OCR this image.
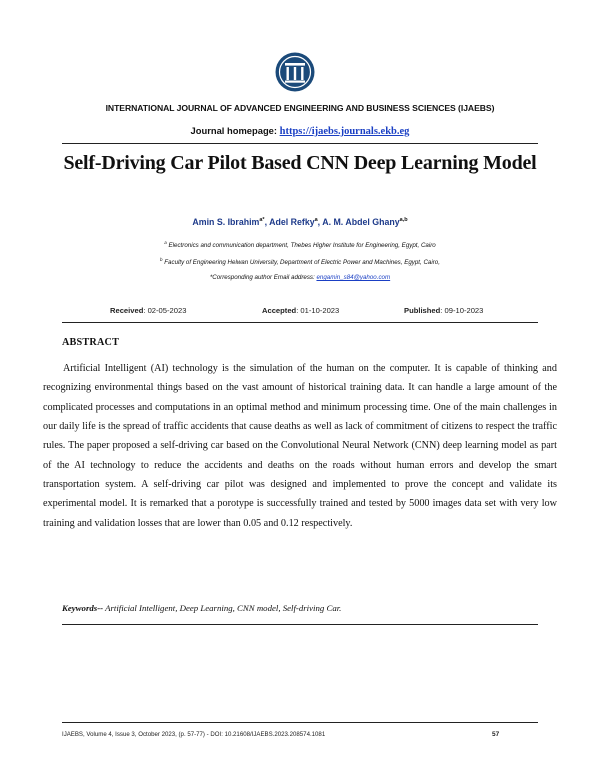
INTERNATIONAL JOURNAL OF ADVANCED ENGINEERING AND BUSINESS SCIENCES (IJAEBS)
Journal homepage: https://ijaebs.journals.ekb.eg
Self-Driving Car Pilot Based CNN Deep Learning Model
Amin S. Ibrahim$^{a*}$, Adel Refky$^a$, A. M. Abdel Ghany$^{a,b}$
$^a$ Electronics and communication department, Thebes Higher Institute for Engineering, Egypt, Cairo
$^b$ Faculty of Engineering Helwan University, Department of Electric Power and Machines, Egypt, Cairo,
*Corresponding author Email address: engamin_s84@yahoo.com
Received: 02-05-2023	Accepted: 01-10-2023	Published: 09-10-2023
ABSTRACT

Artificial Intelligent (AI) technology is the simulation of the human on the computer. It is capable of thinking and recognizing environmental things based on the vast amount of historical training data. It can handle a large amount of the complicated processes and computations in an optimal method and minimum processing time. One of the main challenges in our daily life is the spread of traffic accidents that cause deaths as well as lack of commitment of citizens to respect the traffic rules. The paper proposed a self-driving car based on the Convolutional Neural Network (CNN) deep learning model as part of the AI technology to reduce the accidents and deaths on the roads without human errors and develop the smart transportation system. A self-driving car pilot was designed and implemented to prove the concept and validate its experimental model. It is remarked that a porotype is successfully trained and tested by 5000 images data set with very low training and validation losses that are lower than 0.05 and 0.12 respectively.

Keywords-- Artificial Intelligent, Deep Learning, CNN model, Self-driving Car.
IJAEBS, Volume 4, Issue 3, October 2023, (p. 57-77) - DOI: 10.21608/IJAEBS.2023.208574.1081	57
